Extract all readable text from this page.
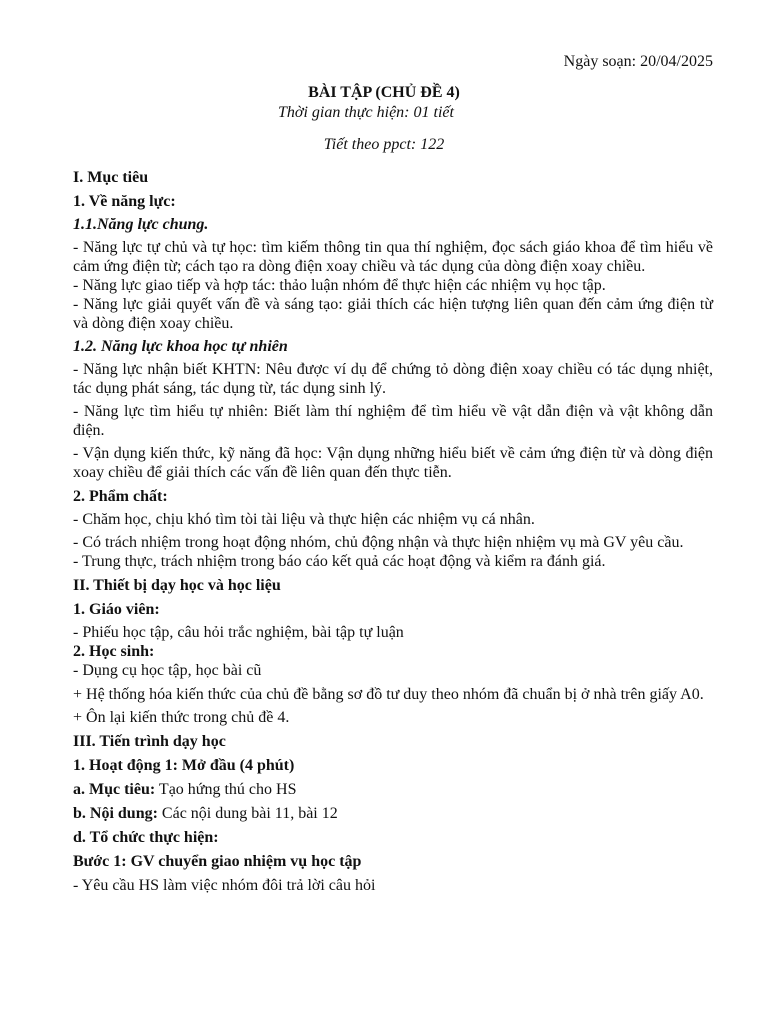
Ngày soạn: 20/04/2025
BÀI TẬP (CHỦ ĐỀ 4)
Thời gian thực hiện: 01 tiết
Tiết theo ppct: 122

I. Mục tiêu

1. Về năng lực:

1.1.Năng lực chung.

- Năng lực tự chủ và tự học: tìm kiếm thông tin qua thí nghiệm, đọc sách giáo khoa để tìm hiểu về cảm ứng điện từ; cách tạo ra dòng điện xoay chiều và tác dụng của dòng điện xoay chiều.

- Năng lực giao tiếp và hợp tác: thảo luận nhóm để thực hiện các nhiệm vụ học tập.

- Năng lực giải quyết vấn đề và sáng tạo: giải thích các hiện tượng liên quan đến cảm ứng điện từ và dòng điện xoay chiều.

1.2. Năng lực khoa học tự nhiên

- Năng lực nhận biết KHTN: Nêu được ví dụ để chứng tỏ dòng điện xoay chiều có tác dụng nhiệt, tác dụng phát sáng, tác dụng từ, tác dụng sinh lý.

- Năng lực tìm hiểu tự nhiên: Biết làm thí nghiệm để tìm hiểu về vật dẫn điện và vật không dẫn điện.

- Vận dụng kiến thức, kỹ năng đã học: Vận dụng những hiểu biết về cảm ứng điện từ và dòng điện xoay chiều để giải thích các vấn đề liên quan đến thực tiễn.

2. Phẩm chất:

- Chăm học, chịu khó tìm tòi tài liệu và thực hiện các nhiệm vụ cá nhân.

- Có trách nhiệm trong hoạt động nhóm, chủ động nhận và thực hiện nhiệm vụ mà GV yêu cầu.

- Trung thực, trách nhiệm trong báo cáo kết quả các hoạt động và kiểm ra đánh giá.

II. Thiết bị dạy học và học liệu

1. Giáo viên:

- Phiếu học tập, câu hỏi trắc nghiệm, bài tập tự luận

2. Học sinh:

- Dụng cụ học tập, học bài cũ

+ Hệ thống hóa kiến thức của chủ đề bằng sơ đồ tư duy theo nhóm đã chuẩn bị ở nhà trên giấy A0.

+ Ôn lại kiến thức trong chủ đề 4.

III. Tiến trình dạy học

1. Hoạt động 1: Mở đầu (4 phút)

a. Mục tiêu: Tạo hứng thú cho HS

b. Nội dung: Các nội dung bài 11, bài 12

d. Tổ chức thực hiện:

Bước 1: GV chuyển giao nhiệm vụ học tập

- Yêu cầu HS làm việc nhóm đôi trả lời câu hỏi
